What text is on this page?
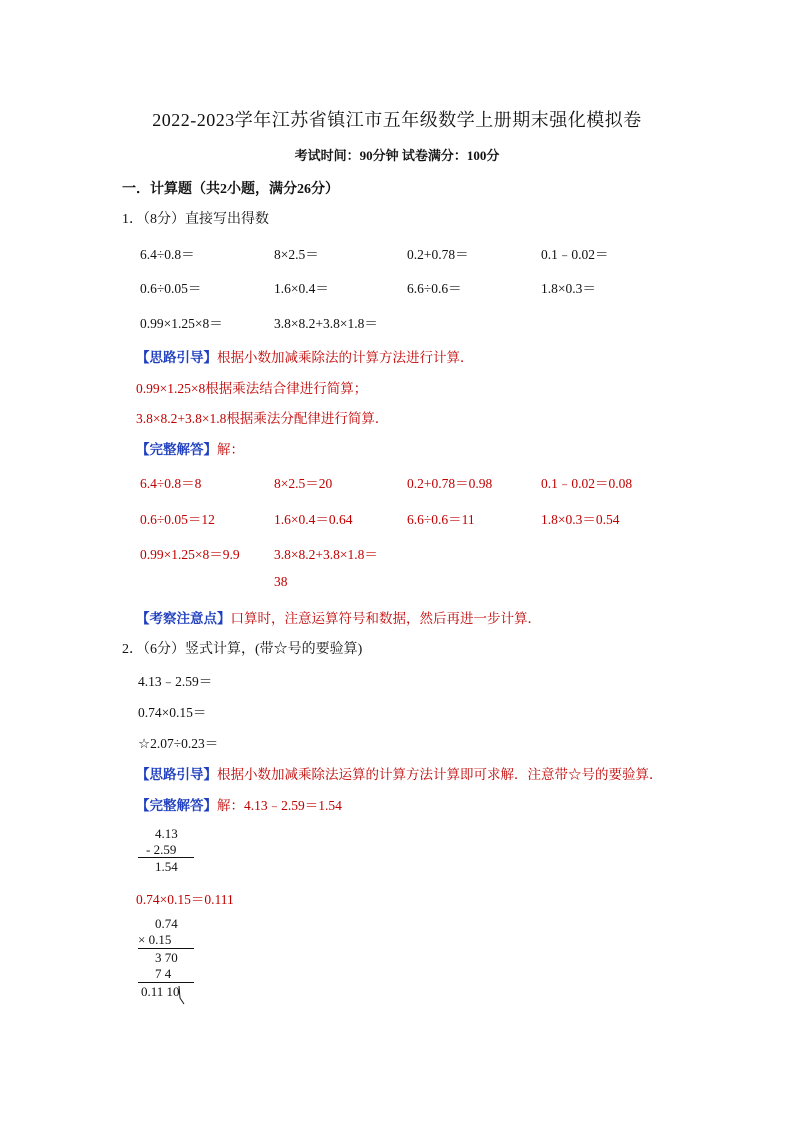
2022-2023学年江苏省镇江市五年级数学上册期末强化模拟卷
考试时间：90分钟 试卷满分：100分
一．计算题（共2小题，满分26分）
1．（8分）直接写出得数
6.4÷0.8＝	8×2.5＝	0.2+0.78＝	0.1﹣0.02＝
0.6÷0.05＝	1.6×0.4＝	6.6÷0.6＝	1.8×0.3＝
0.99×1.25×8＝	3.8×8.2+3.8×1.8＝
【思路引导】根据小数加减乘除法的计算方法进行计算．
0.99×1.25×8根据乘法结合律进行简算；
3.8×8.2+3.8×1.8根据乘法分配律进行简算．
【完整解答】解：
6.4÷0.8＝8	8×2.5＝20	0.2+0.78＝0.98	0.1﹣0.02＝0.08
0.6÷0.05＝12	1.6×0.4＝0.64	6.6÷0.6＝11	1.8×0.3＝0.54
0.99×1.25×8＝9.9	3.8×8.2+3.8×1.8＝
38
【考察注意点】口算时，注意运算符号和数据，然后再进一步计算．
2．（6分）竖式计算，(带☆号的要验算)
4.13﹣2.59＝
0.74×0.15＝
☆2.07÷0.23＝
【思路引导】根据小数加减乘除法运算的计算方法计算即可求解．注意带☆号的要验算．
【完整解答】解：4.13﹣2.59＝1.54
4.13
- 2.59
1.54
0.74×0.15＝0.111
0.74
× 0.15
3 70
7 4
0.11 10
